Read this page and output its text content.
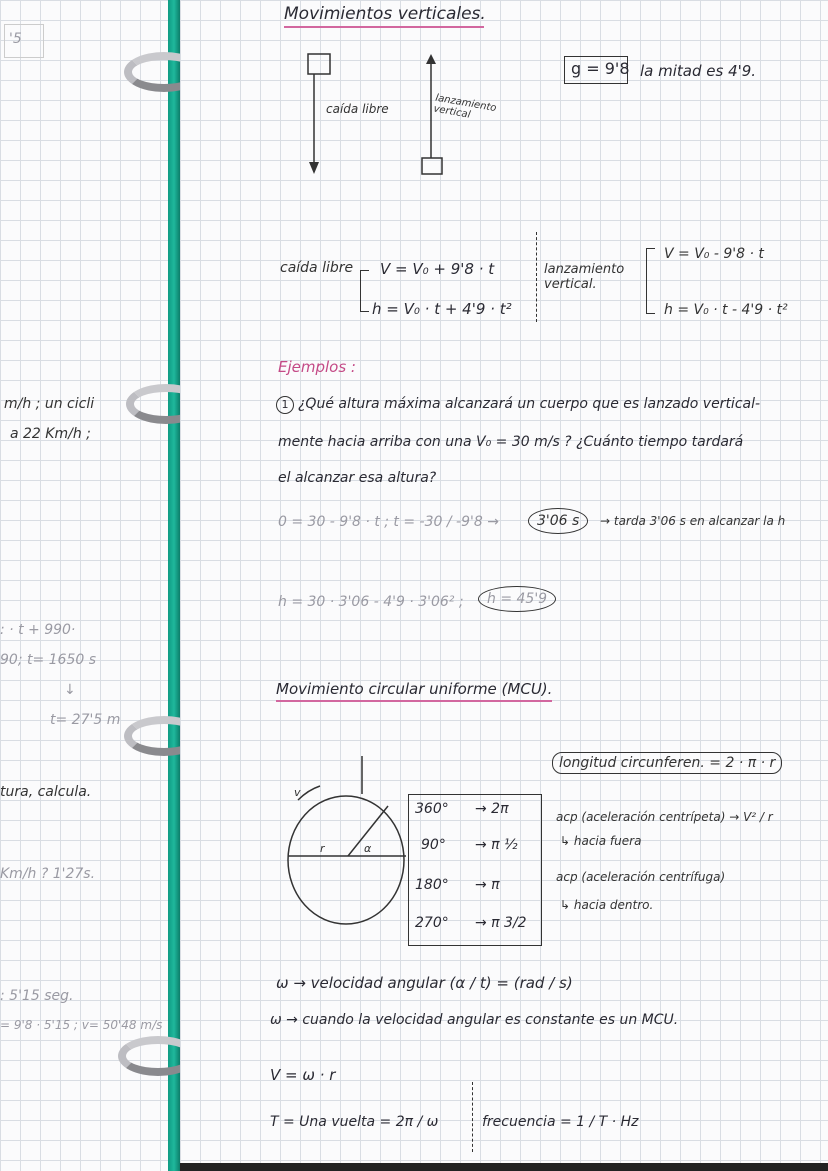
'5
m/h ; un cicli
a 22 Km/h ;
: · t + 990·
90; t= 1650 s
↓
t= 27'5 m
tura, calcula.
Km/h ? 1'27s.
: 5'15 seg.
= 9'8 · 5'15 ; v= 50'48 m/s
Movimientos verticales.
caída libre	lanzamiento vertical
g = 9'8 la mitad es 4'9.
caída libre V = V₀ + 9'8 · t
h = V₀ · t + 4'9 · t²
lanzamiento vertical.
V = V₀ - 9'8 · t
h = V₀ · t - 4'9 · t²
Ejemplos :
1 ¿Qué altura máxima alcanzará un cuerpo que es lanzado vertical-
mente hacia arriba con una V₀ = 30 m/s ? ¿Cuánto tiempo tardará
el alcanzar esa altura?
0 = 30 - 9'8 · t ; t = -30 / -9'8 →	3'06 s	→ tarda 3'06 s en alcanzar la h
h = 30 · 3'06 - 4'9 · 3'06² ;	h = 45'9
Movimiento circular uniforme (MCU).
v
r	α
360° → 2π
90° → π ½
180° → π
270° → π 3/2
longitud circunferen. = 2 · π · r
acp (aceleración centrípeta) → V² / r
↳ hacia fuera
acp (aceleración centrífuga)
↳ hacia dentro.
ω → velocidad angular (α / t) = (rad / s)
ω → cuando la velocidad angular es constante es un MCU.
V = ω · r
T = Una vuelta = 2π / ω	frecuencia = 1 / T · Hz
